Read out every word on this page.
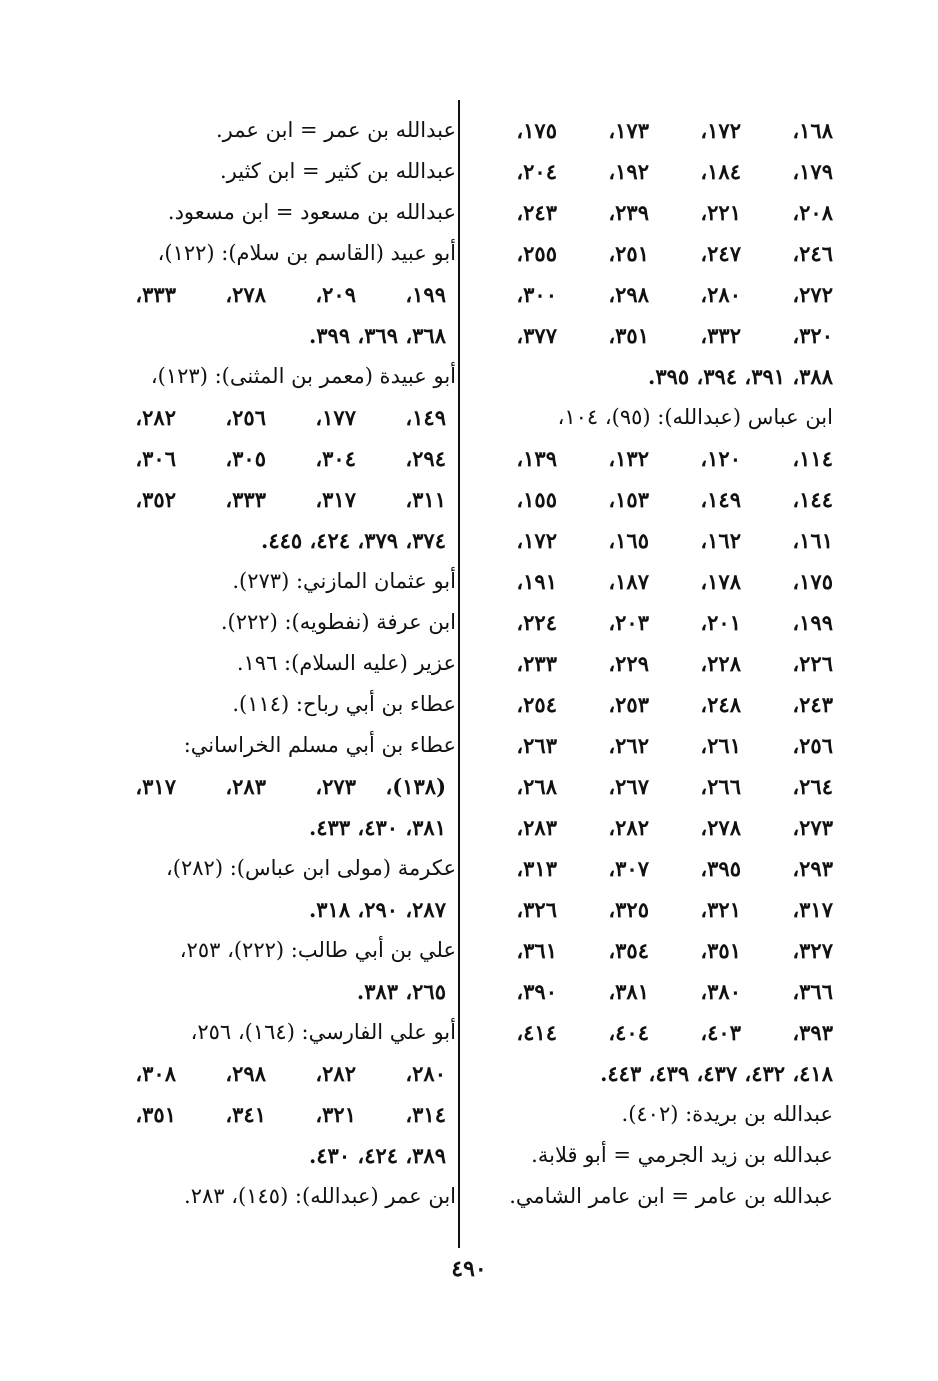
١٦٨،
١٧٢،
١٧٣،
١٧٥،
١٧٩،
١٨٤،
١٩٢،
٢٠٤،
٢٠٨،
٢٢١،
٢٣٩،
٢٤٣،
٢٤٦،
٢٤٧،
٢٥١،
٢٥٥،
٢٧٢،
٢٨٠،
٢٩٨،
٣٠٠،
٣٢٠،
٣٣٢،
٣٥١،
٣٧٧،
٣٨٨، ٣٩١، ٣٩٤، ٣٩٥.
ابن عباس (عبدالله): (٩٥)، ١٠٤،
١١٤،
١٢٠،
١٣٢،
١٣٩،
١٤٤،
١٤٩،
١٥٣،
١٥٥،
١٦١،
١٦٢،
١٦٥،
١٧٢،
١٧٥،
١٧٨،
١٨٧،
١٩١،
١٩٩،
٢٠١،
٢٠٣،
٢٢٤،
٢٢٦،
٢٢٨،
٢٢٩،
٢٣٣،
٢٤٣،
٢٤٨،
٢٥٣،
٢٥٤،
٢٥٦،
٢٦١،
٢٦٢،
٢٦٣،
٢٦٤،
٢٦٦،
٢٦٧،
٢٦٨،
٢٧٣،
٢٧٨،
٢٨٢،
٢٨٣،
٢٩٣،
٣٩٥،
٣٠٧،
٣١٣،
٣١٧،
٣٢١،
٣٢٥،
٣٢٦،
٣٢٧،
٣٥١،
٣٥٤،
٣٦١،
٣٦٦،
٣٨٠،
٣٨١،
٣٩٠،
٣٩٣،
٤٠٣،
٤٠٤،
٤١٤،
٤١٨، ٤٣٢، ٤٣٧، ٤٣٩، ٤٤٣.
عبدالله بن بريدة: (٤٠٢).
عبدالله بن زيد الجرمي = أبو قلابة.
عبدالله بن عامر = ابن عامر الشامي.
عبدالله بن عمر = ابن عمر.
عبدالله بن كثير = ابن كثير.
عبدالله بن مسعود = ابن مسعود.
أبو عبيد (القاسم بن سلام): (١٢٢)،
١٩٩،
٢٠٩،
٢٧٨،
٣٣٣،
٣٦٨، ٣٦٩، ٣٩٩.
أبو عبيدة (معمر بن المثنى): (١٢٣)،
١٤٩،
١٧٧،
٢٥٦،
٢٨٢،
٢٩٤،
٣٠٤،
٣٠٥،
٣٠٦،
٣١١،
٣١٧،
٣٣٣،
٣٥٢،
٣٧٤، ٣٧٩، ٤٢٤، ٤٤٥.
أبو عثمان المازني: (٢٧٣).
ابن عرفة (نفطويه): (٢٢٢).
عزير (عليه السلام): ١٩٦.
عطاء بن أبي رباح: (١١٤).
عطاء بن أبي مسلم الخراساني:
(١٣٨)،
٢٧٣،
٢٨٣،
٣١٧،
٣٨١، ٤٣٠، ٤٣٣.
عكرمة (مولى ابن عباس): (٢٨٢)،
٢٨٧، ٢٩٠، ٣١٨.
علي بن أبي طالب: (٢٢٢)، ٢٥٣،
٢٦٥، ٣٨٣.
أبو علي الفارسي: (١٦٤)، ٢٥٦،
٢٨٠،
٢٨٢،
٢٩٨،
٣٠٨،
٣١٤،
٣٢١،
٣٤١،
٣٥١،
٣٨٩، ٤٢٤، ٤٣٠.
ابن عمر (عبدالله): (١٤٥)، ٢٨٣.
٤٩٠
